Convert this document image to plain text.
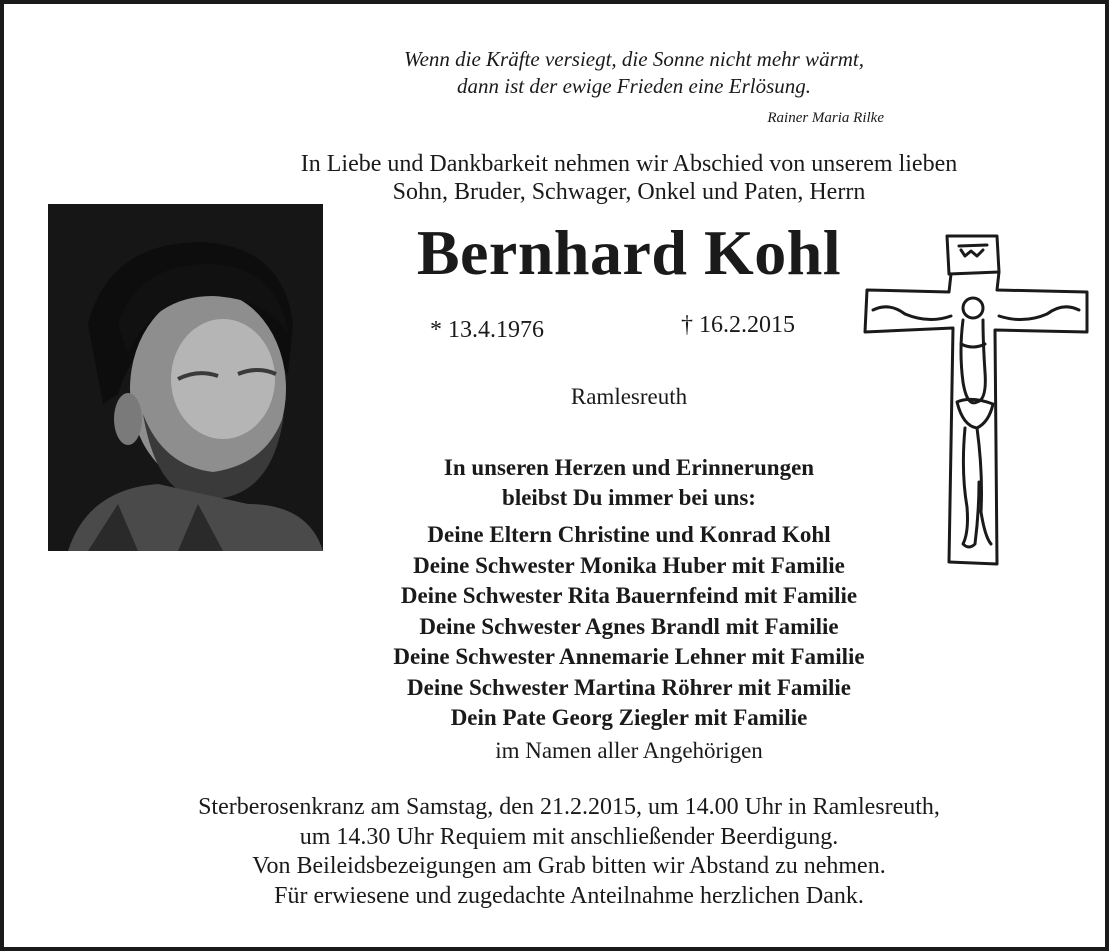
Wenn die Kräfte versiegt, die Sonne nicht mehr wärmt,
dann ist der ewige Frieden eine Erlösung.
Rainer Maria Rilke
In Liebe und Dankbarkeit nehmen wir Abschied von unserem lieben
Sohn, Bruder, Schwager, Onkel und Paten, Herrn
Bernhard Kohl
* 13.4.1976	† 16.2.2015
Ramlesreuth
In unseren Herzen und Erinnerungen
bleibst Du immer bei uns:
Deine Eltern Christine und Konrad Kohl
Deine Schwester Monika Huber mit Familie
Deine Schwester Rita Bauernfeind mit Familie
Deine Schwester Agnes Brandl mit Familie
Deine Schwester Annemarie Lehner mit Familie
Deine Schwester Martina Röhrer mit Familie
Dein Pate Georg Ziegler mit Familie
im Namen aller Angehörigen
Sterberosenkranz am Samstag, den 21.2.2015, um 14.00 Uhr in Ramlesreuth,
um 14.30 Uhr Requiem mit anschließender Beerdigung.
Von Beileidsbezeigungen am Grab bitten wir Abstand zu nehmen.
Für erwiesene und zugedachte Anteilnahme herzlichen Dank.
